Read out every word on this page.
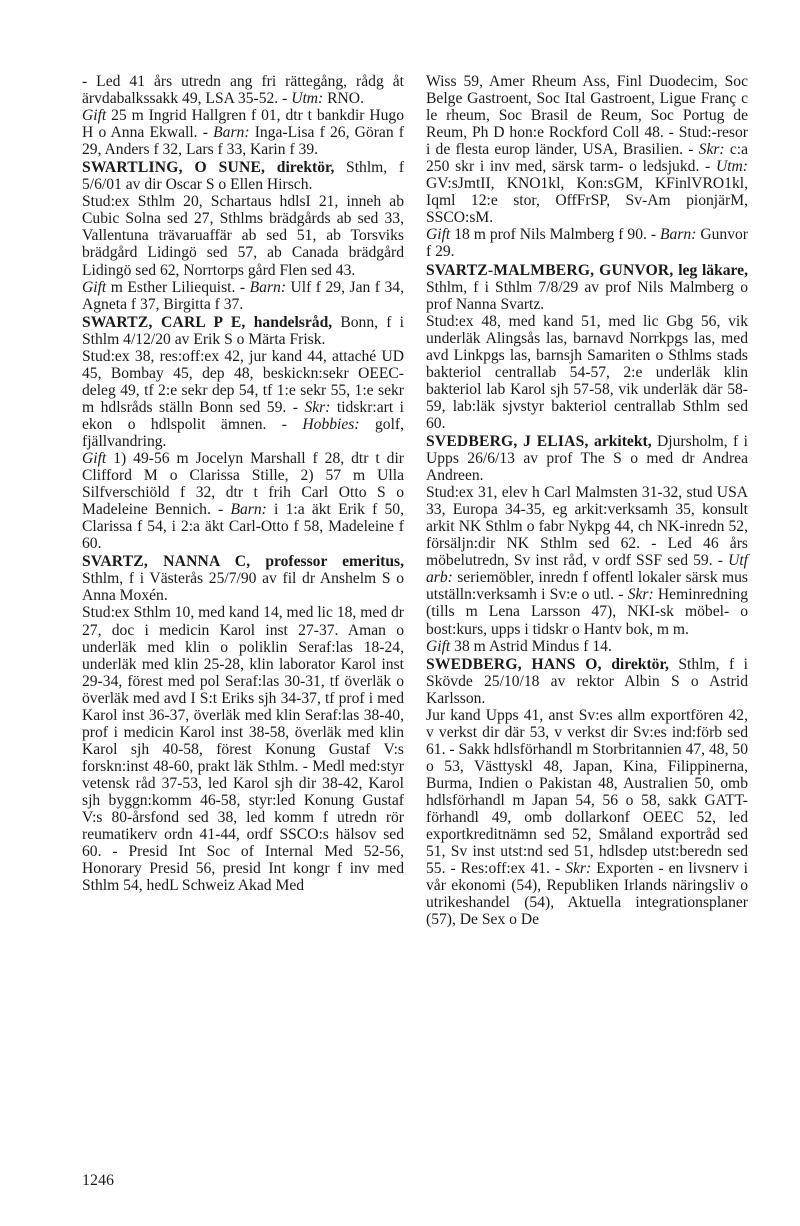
- Led 41 års utredn ang fri rättegång, rådg åt ärvdabalkssakk 49, LSA 35-52. - Utm: RNO.

Gift 25 m Ingrid Hallgren f 01, dtr t bankdir Hugo H o Anna Ekwall. - Barn: Inga-Lisa f 26, Göran f 29, Anders f 32, Lars f 33, Karin f 39.

SWARTLING, O SUNE, direktör, Sthlm, f 5/6/01 av dir Oscar S o Ellen Hirsch.

Stud:ex Sthlm 20, Schartaus hdlsI 21, inneh ab Cubic Solna sed 27, Sthlms brädgårds ab sed 33, Vallentuna trävaruaffär ab sed 51, ab Torsviks brädgård Lidingö sed 57, ab Canada brädgård Lidingö sed 62, Norrtorps gård Flen sed 43.

Gift m Esther Liliequist. - Barn: Ulf f 29, Jan f 34, Agneta f 37, Birgitta f 37.

SWARTZ, CARL P E, handelsråd, Bonn, f i Sthlm 4/12/20 av Erik S o Märta Frisk.

Stud:ex 38, res:off:ex 42, jur kand 44, attaché UD 45, Bombay 45, dep 48, beskickn:sekr OEEC-deleg 49, tf 2:e sekr dep 54, tf 1:e sekr 55, 1:e sekr m hdlsråds ställn Bonn sed 59. - Skr: tidskr:art i ekon o hdlspolit ämnen. - Hobbies: golf, fjällvandring.

Gift 1) 49-56 m Jocelyn Marshall f 28, dtr t dir Clifford M o Clarissa Stille, 2) 57 m Ulla Silfverschiöld f 32, dtr t frih Carl Otto S o Madeleine Bennich. - Barn: i 1:a äkt Erik f 50, Clarissa f 54, i 2:a äkt Carl-Otto f 58, Madeleine f 60.

SVARTZ, NANNA C, professor emeritus, Sthlm, f i Västerås 25/7/90 av fil dr Anshelm S o Anna Moxén.

Stud:ex Sthlm 10, med kand 14, med lic 18, med dr 27, doc i medicin Karol inst 27-37. Aman o underläk med klin o poliklin Seraf:las 18-24, underläk med klin 25-28, klin laborator Karol inst 29-34, förest med pol Seraf:las 30-31, tf överläk o överläk med avd I S:t Eriks sjh 34-37, tf prof i med Karol inst 36-37, överläk med klin Seraf:las 38-40, prof i medicin Karol inst 38-58, överläk med klin Karol sjh 40-58, förest Konung Gustaf V:s forskn:inst 48-60, prakt läk Sthlm. - Medl med:styr vetensk råd 37-53, led Karol sjh dir 38-42, Karol sjh byggn:komm 46-58, styr:led Konung Gustaf V:s 80-årsfond sed 38, led komm f utredn rör reumatikerv ordn 41-44, ordf SSCO:s hälsov sed 60. - Presid Int Soc of Internal Med 52-56, Honorary Presid 56, presid Int kongr f inv med Sthlm 54, hedL Schweiz Akad Med

Wiss 59, Amer Rheum Ass, Finl Duodecim, Soc Belge Gastroent, Soc Ital Gastroent, Ligue Franç c le rheum, Soc Brasil de Reum, Soc Portug de Reum, Ph D hon:e Rockford Coll 48. - Stud:-resor i de flesta europ länder, USA, Brasilien. - Skr: c:a 250 skr i inv med, särsk tarm- o ledsjukd. - Utm: GV:sJmtII, KNO1kl, Kon:sGM, KFinlVRO1kl, Iqml 12:e stor, OffFrSP, Sv-Am pionjärM, SSCO:sM.

Gift 18 m prof Nils Malmberg f 90. - Barn: Gunvor f 29.

SVARTZ-MALMBERG, GUNVOR, leg läkare, Sthlm, f i Sthlm 7/8/29 av prof Nils Malmberg o prof Nanna Svartz.

Stud:ex 48, med kand 51, med lic Gbg 56, vik underläk Alingsås las, barnavd Norrkpgs las, med avd Linkpgs las, barnsjh Samariten o Sthlms stads bakteriol centrallab 54-57, 2:e underläk klin bakteriol lab Karol sjh 57-58, vik underläk där 58-59, lab:läk sjvstyr bakteriol centrallab Sthlm sed 60.

SVEDBERG, J ELIAS, arkitekt, Djursholm, f i Upps 26/6/13 av prof The S o med dr Andrea Andreen.

Stud:ex 31, elev h Carl Malmsten 31-32, stud USA 33, Europa 34-35, eg arkit:verksamh 35, konsult arkit NK Sthlm o fabr Nykpg 44, ch NK-inredn 52, försäljn:dir NK Sthlm sed 62. - Led 46 års möbelutredn, Sv inst råd, v ordf SSF sed 59. - Utf arb: seriemöbler, inredn f offentl lokaler särsk mus utställn:verksamh i Sv:e o utl. - Skr: Heminredning (tills m Lena Larsson 47), NKI-sk möbel- o bost:kurs, upps i tidskr o Hantv bok, m m.

Gift 38 m Astrid Mindus f 14.

SWEDBERG, HANS O, direktör, Sthlm, f i Skövde 25/10/18 av rektor Albin S o Astrid Karlsson.

Jur kand Upps 41, anst Sv:es allm exportfören 42, v verkst dir där 53, v verkst dir Sv:es ind:förb sed 61. - Sakk hdlsförhandl m Storbritannien 47, 48, 50 o 53, Västtyskl 48, Japan, Kina, Filippinerna, Burma, Indien o Pakistan 48, Australien 50, omb hdlsförhandl m Japan 54, 56 o 58, sakk GATT-förhandl 49, omb dollarkonf OEEC 52, led exportkreditnämn sed 52, Småland exportråd sed 51, Sv inst utst:nd sed 51, hdlsdep utst:beredn sed 55. - Res:off:ex 41. - Skr: Exporten - en livsnerv i vår ekonomi (54), Republiken Irlands näringsliv o utrikeshandel (54), Aktuella integrationsplaner (57), De Sex o De

1246
